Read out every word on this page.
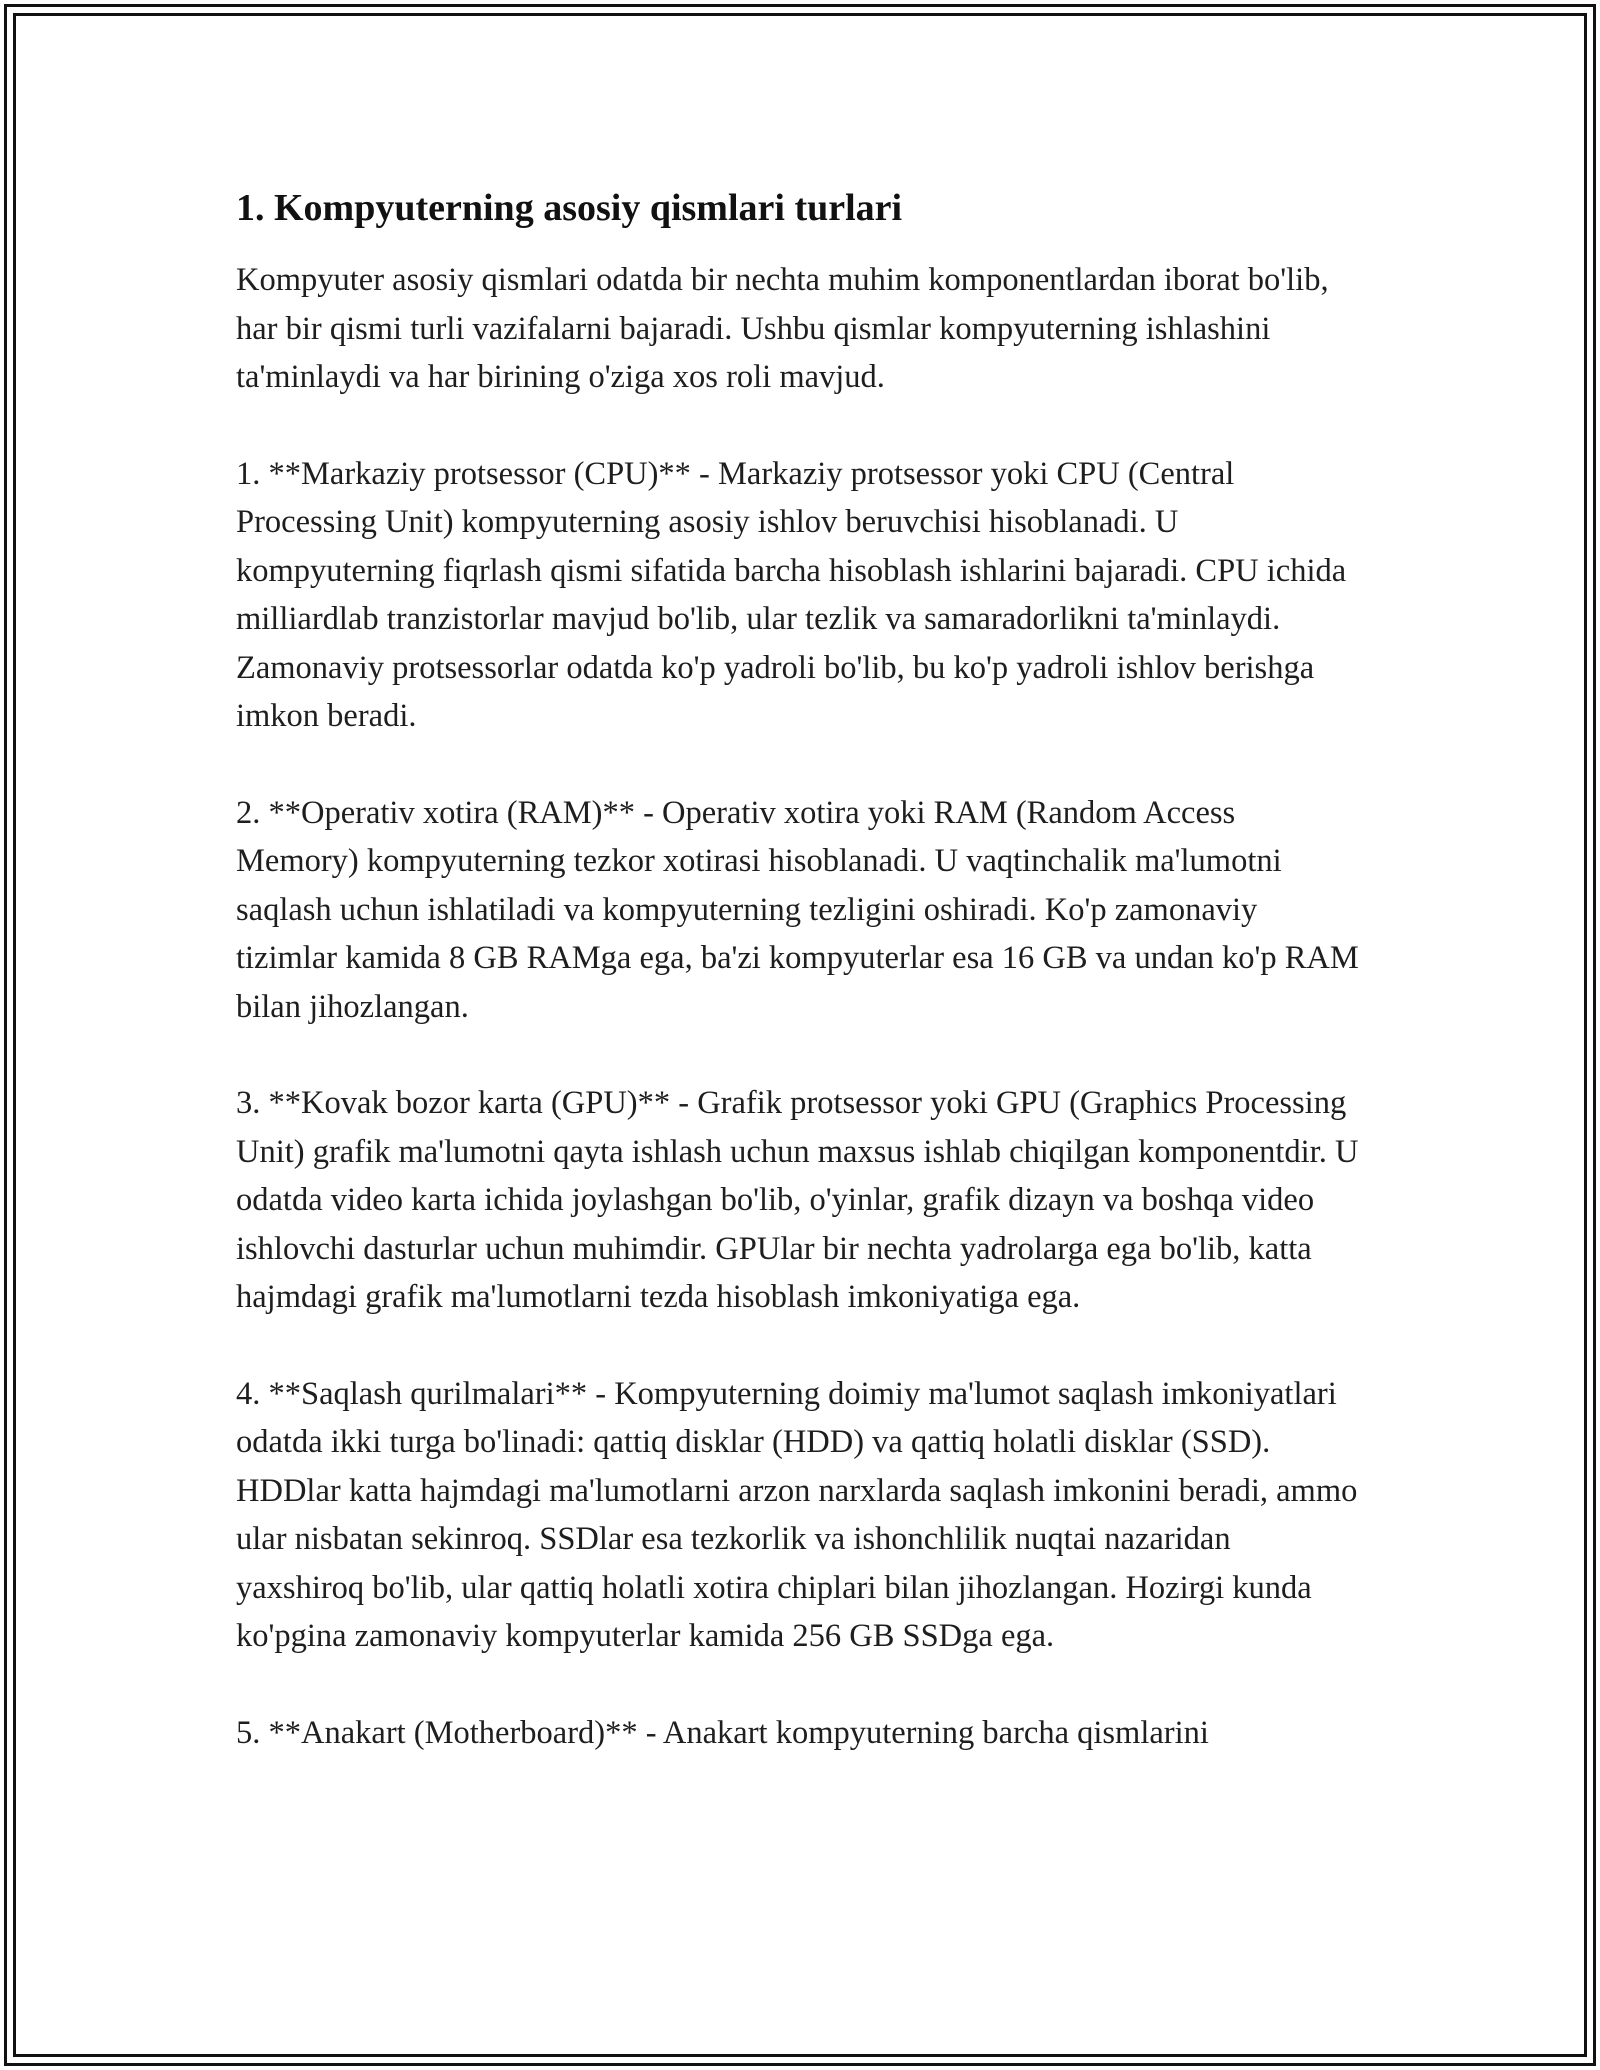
1. Kompyuterning asosiy qismlari turlari

Kompyuter asosiy qismlari odatda bir nechta muhim komponentlardan iborat bo'lib, har bir qismi turli vazifalarni bajaradi. Ushbu qismlar kompyuterning ishlashini ta'minlaydi va har birining o'ziga xos roli mavjud.

1. **Markaziy protsessor (CPU)** - Markaziy protsessor yoki CPU (Central Processing Unit) kompyuterning asosiy ishlov beruvchisi hisoblanadi. U kompyuterning fiqrlash qismi sifatida barcha hisoblash ishlarini bajaradi. CPU ichida milliardlab tranzistorlar mavjud bo'lib, ular tezlik va samaradorlikni ta'minlaydi. Zamonaviy protsessorlar odatda ko'p yadroli bo'lib, bu ko'p yadroli ishlov berishga imkon beradi.

2. **Operativ xotira (RAM)** - Operativ xotira yoki RAM (Random Access Memory) kompyuterning tezkor xotirasi hisoblanadi. U vaqtinchalik ma'lumotni saqlash uchun ishlatiladi va kompyuterning tezligini oshiradi. Ko'p zamonaviy tizimlar kamida 8 GB RAMga ega, ba'zi kompyuterlar esa 16 GB va undan ko'p RAM bilan jihozlangan.

3. **Kovak bozor karta (GPU)** - Grafik protsessor yoki GPU (Graphics Processing Unit) grafik ma'lumotni qayta ishlash uchun maxsus ishlab chiqilgan komponentdir. U odatda video karta ichida joylashgan bo'lib, o'yinlar, grafik dizayn va boshqa video ishlovchi dasturlar uchun muhimdir. GPUlar bir nechta yadrolarga ega bo'lib, katta hajmdagi grafik ma'lumotlarni tezda hisoblash imkoniyatiga ega.

4. **Saqlash qurilmalari** - Kompyuterning doimiy ma'lumot saqlash imkoniyatlari odatda ikki turga bo'linadi: qattiq disklar (HDD) va qattiq holatli disklar (SSD). HDDlar katta hajmdagi ma'lumotlarni arzon narxlarda saqlash imkonini beradi, ammo ular nisbatan sekinroq. SSDlar esa tezkorlik va ishonchlilik nuqtai nazaridan yaxshiroq bo'lib, ular qattiq holatli xotira chiplari bilan jihozlangan. Hozirgi kunda ko'pgina zamonaviy kompyuterlar kamida 256 GB SSDga ega.

5. **Anakart (Motherboard)** - Anakart kompyuterning barcha qismlarini
